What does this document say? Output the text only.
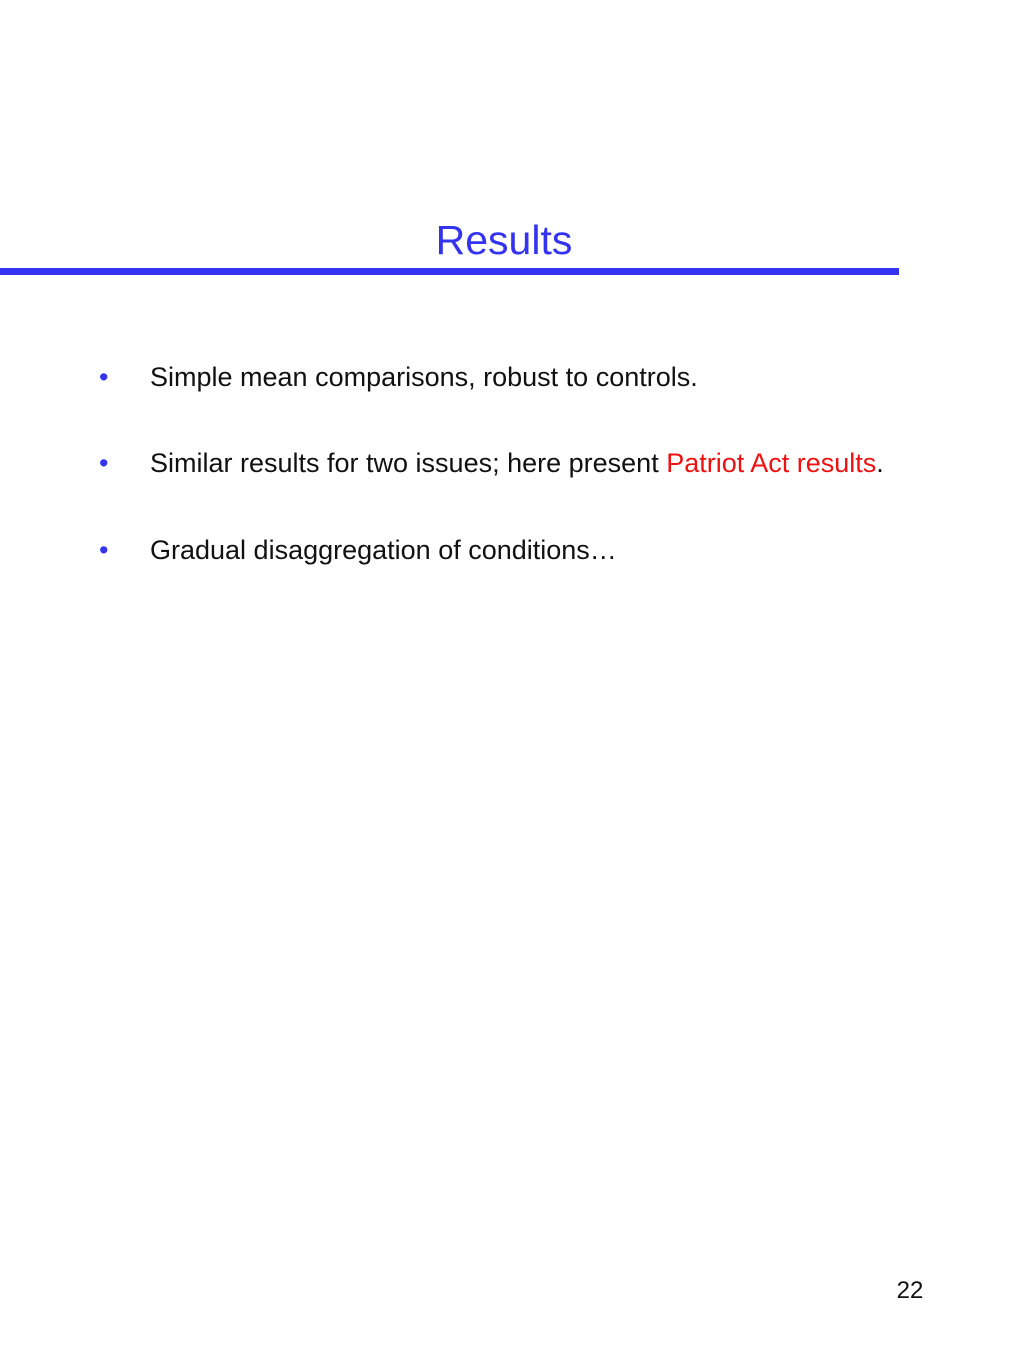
Results
• Simple mean comparisons, robust to controls.
• Similar results for two issues; here present Patriot Act results.
• Gradual disaggregation of conditions…
22
